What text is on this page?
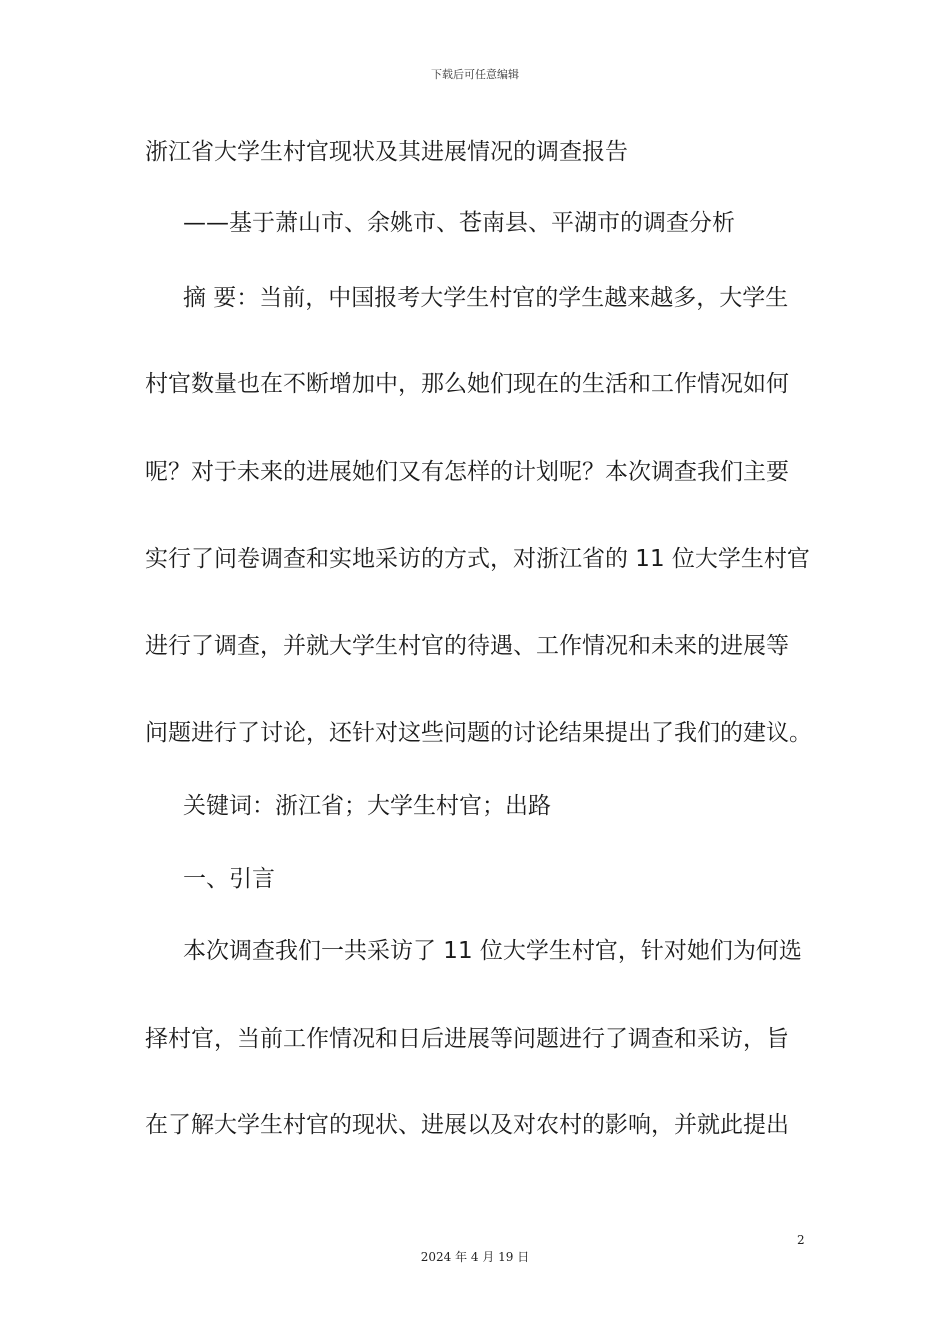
下载后可任意编辑
浙江省大学生村官现状及其进展情况的调查报告
——基于萧山市、余姚市、苍南县、平湖市的调查分析
摘 要：当前，中国报考大学生村官的学生越来越多，大学生
村官数量也在不断增加中，那么她们现在的生活和工作情况如何
呢？对于未来的进展她们又有怎样的计划呢？本次调查我们主要
实行了问卷调查和实地采访的方式，对浙江省的 11 位大学生村官
进行了调查，并就大学生村官的待遇、工作情况和未来的进展等
问题进行了讨论，还针对这些问题的讨论结果提出了我们的建议。
关键词：浙江省；大学生村官；出路
一、引言
本次调查我们一共采访了 11 位大学生村官，针对她们为何选
择村官，当前工作情况和日后进展等问题进行了调查和采访，旨
在了解大学生村官的现状、进展以及对农村的影响，并就此提出
2
2024 年 4 月 19 日
